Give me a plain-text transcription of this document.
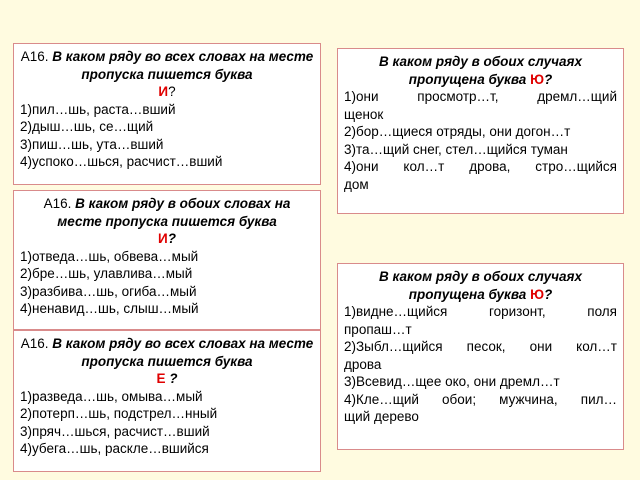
А16. В каком ряду во всех словах на месте пропуска пишется буква
И?
1)пил…шь, раста…вший
2)дыш…шь, се…щий
3)пиш…шь, ута…вший
4)успоко…шься, расчист…вший
А16. В каком ряду в обоих словах на месте пропуска пишется буква
И?
1)отведа…шь, обвева…мый
2)бре…шь, улавлива…мый
3)разбива…шь, огиба…мый
4)ненавид…шь, слыш…мый
А16. В каком ряду во всех словах на месте пропуска пишется буква
Е ?
1)разведа…шь, омыва…мый
2)потерп…шь, подстрел…нный
3)пряч…шься, расчист…вший
4)убега…шь, раскле…вшийся
В каком ряду в обоих случаях пропущена буква Ю?
1)они просмотр…т, дремл…щий
щенок
2)бор…щиеся отряды, они догон…т
3)та…щий снег, стел…щийся туман
4)они кол…т дрова, стро…щийся
дом
В каком ряду в обоих случаях пропущена буква Ю?
1)видне…щийся горизонт, поля
пропаш…т
2)Зыбл…щийся песок, они кол…т
дрова
3)Всевид…щее око, они дремл…т
4)Кле…щий обои; мужчина, пил…
щий дерево
